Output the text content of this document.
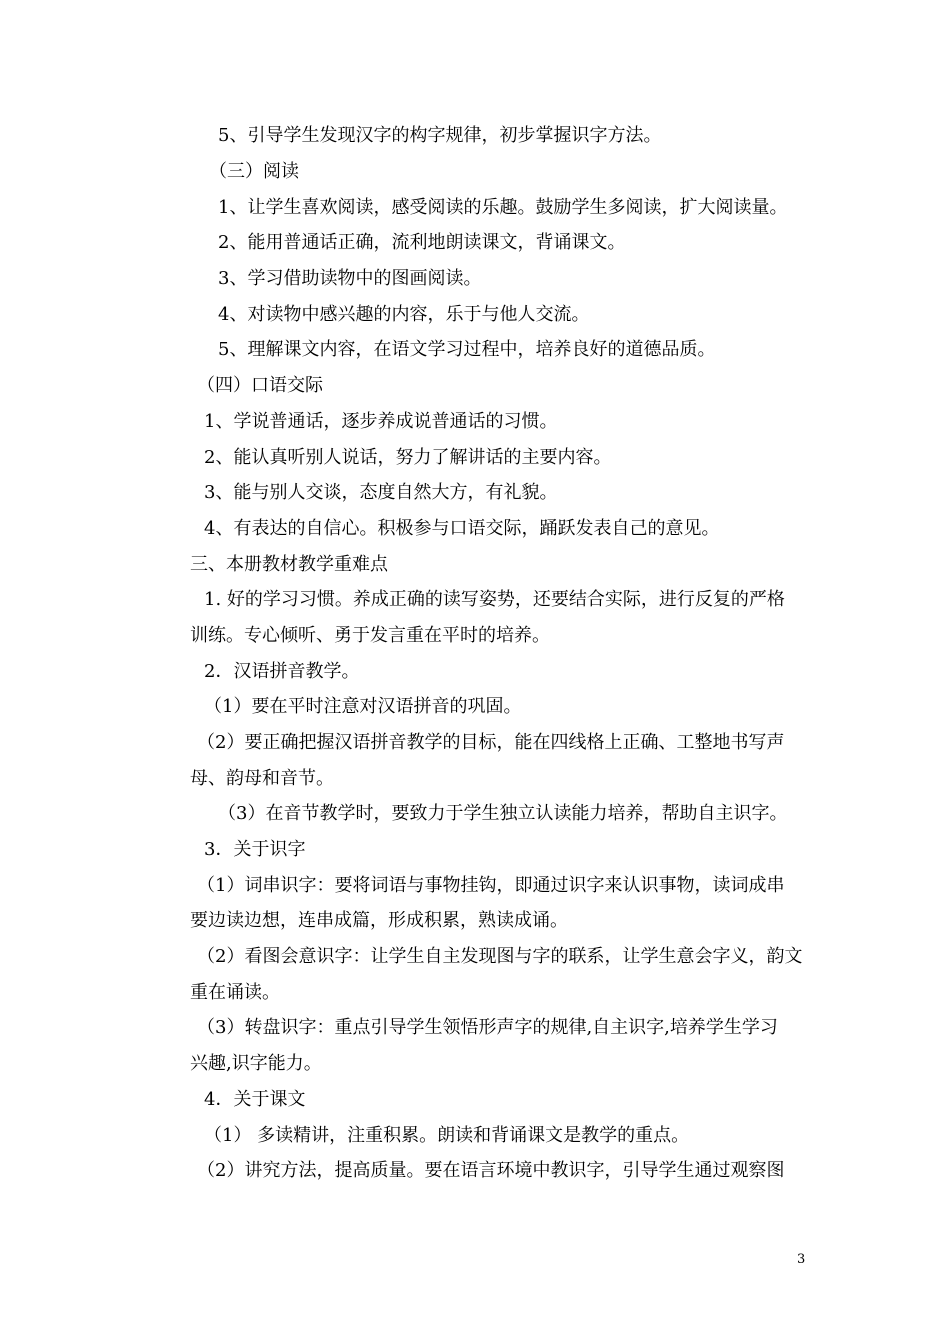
5、引导学生发现汉字的构字规律，初步掌握识字方法。
（三）阅读
1、让学生喜欢阅读，感受阅读的乐趣。鼓励学生多阅读，扩大阅读量。
2、能用普通话正确，流利地朗读课文，背诵课文。
3、学习借助读物中的图画阅读。
4、对读物中感兴趣的内容，乐于与他人交流。
5、理解课文内容，在语文学习过程中，培养良好的道德品质。
（四）口语交际
1、学说普通话，逐步养成说普通话的习惯。
2、能认真听别人说话，努力了解讲话的主要内容。
3、能与别人交谈，态度自然大方，有礼貌。
4、有表达的自信心。积极参与口语交际，踊跃发表自己的意见。
三、本册教材教学重难点
1. 好的学习习惯。养成正确的读写姿势，还要结合实际，进行反复的严格
训练。专心倾听、勇于发言重在平时的培养。
2．汉语拼音教学。
（1）要在平时注意对汉语拼音的巩固。
（2）要正确把握汉语拼音教学的目标，能在四线格上正确、工整地书写声
母、韵母和音节。
（3）在音节教学时，要致力于学生独立认读能力培养，帮助自主识字。
3．关于识字
（1）词串识字：要将词语与事物挂钩，即通过识字来认识事物，读词成串
要边读边想，连串成篇，形成积累，熟读成诵。
（2）看图会意识字：让学生自主发现图与字的联系，让学生意会字义，韵文
重在诵读。
（3）转盘识字：重点引导学生领悟形声字的规律,自主识字,培养学生学习
兴趣,识字能力。
4．关于课文
（1） 多读精讲，注重积累。朗读和背诵课文是教学的重点。
（2）讲究方法，提高质量。要在语言环境中教识字，引导学生通过观察图
3
